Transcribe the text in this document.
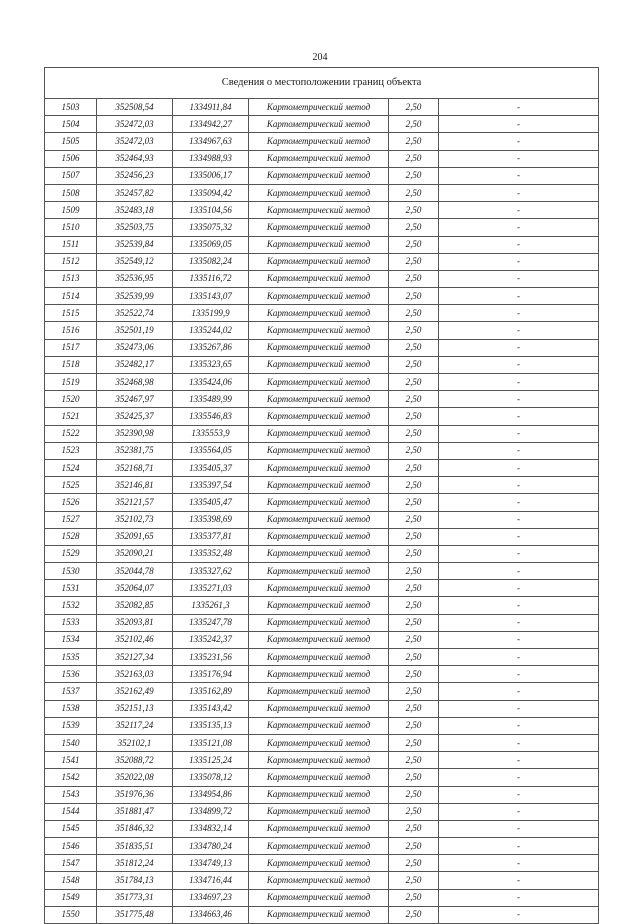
204
Сведения о местоположении границ объекта					
1503	352508,54	1334911,84	Картометрический метод	2,50	-
1504	352472,03	1334942,27	Картометрический метод	2,50	-
1505	352472,03	1334967,63	Картометрический метод	2,50	-
1506	352464,93	1334988,93	Картометрический метод	2,50	-
1507	352456,23	1335006,17	Картометрический метод	2,50	-
1508	352457,82	1335094,42	Картометрический метод	2,50	-
1509	352483,18	1335104,56	Картометрический метод	2,50	-
1510	352503,75	1335075,32	Картометрический метод	2,50	-
1511	352539,84	1335069,05	Картометрический метод	2,50	-
1512	352549,12	1335082,24	Картометрический метод	2,50	-
1513	352536,95	1335116,72	Картометрический метод	2,50	-
1514	352539,99	1335143,07	Картометрический метод	2,50	-
1515	352522,74	1335199,9	Картометрический метод	2,50	-
1516	352501,19	1335244,02	Картометрический метод	2,50	-
1517	352473,06	1335267,86	Картометрический метод	2,50	-
1518	352482,17	1335323,65	Картометрический метод	2,50	-
1519	352468,98	1335424,06	Картометрический метод	2,50	-
1520	352467,97	1335489,99	Картометрический метод	2,50	-
1521	352425,37	1335546,83	Картометрический метод	2,50	-
1522	352390,98	1335553,9	Картометрический метод	2,50	-
1523	352381,75	1335564,05	Картометрический метод	2,50	-
1524	352168,71	1335405,37	Картометрический метод	2,50	-
1525	352146,81	1335397,54	Картометрический метод	2,50	-
1526	352121,57	1335405,47	Картометрический метод	2,50	-
1527	352102,73	1335398,69	Картометрический метод	2,50	-
1528	352091,65	1335377,81	Картометрический метод	2,50	-
1529	352090,21	1335352,48	Картометрический метод	2,50	-
1530	352044,78	1335327,62	Картометрический метод	2,50	-
1531	352064,07	1335271,03	Картометрический метод	2,50	-
1532	352082,85	1335261,3	Картометрический метод	2,50	-
1533	352093,81	1335247,78	Картометрический метод	2,50	-
1534	352102,46	1335242,37	Картометрический метод	2,50	-
1535	352127,34	1335231,56	Картометрический метод	2,50	-
1536	352163,03	1335176,94	Картометрический метод	2,50	-
1537	352162,49	1335162,89	Картометрический метод	2,50	-
1538	352151,13	1335143,42	Картометрический метод	2,50	-
1539	352117,24	1335135,13	Картометрический метод	2,50	-
1540	352102,1	1335121,08	Картометрический метод	2,50	-
1541	352088,72	1335125,24	Картометрический метод	2,50	-
1542	352022,08	1335078,12	Картометрический метод	2,50	-
1543	351976,36	1334954,86	Картометрический метод	2,50	-
1544	351881,47	1334899,72	Картометрический метод	2,50	-
1545	351846,32	1334832,14	Картометрический метод	2,50	-
1546	351835,51	1334780,24	Картометрический метод	2,50	-
1547	351812,24	1334749,13	Картометрический метод	2,50	-
1548	351784,13	1334716,44	Картометрический метод	2,50	-
1549	351773,31	1334697,23	Картометрический метод	2,50	-
1550	351775,48	1334663,46	Картометрический метод	2,50	-
